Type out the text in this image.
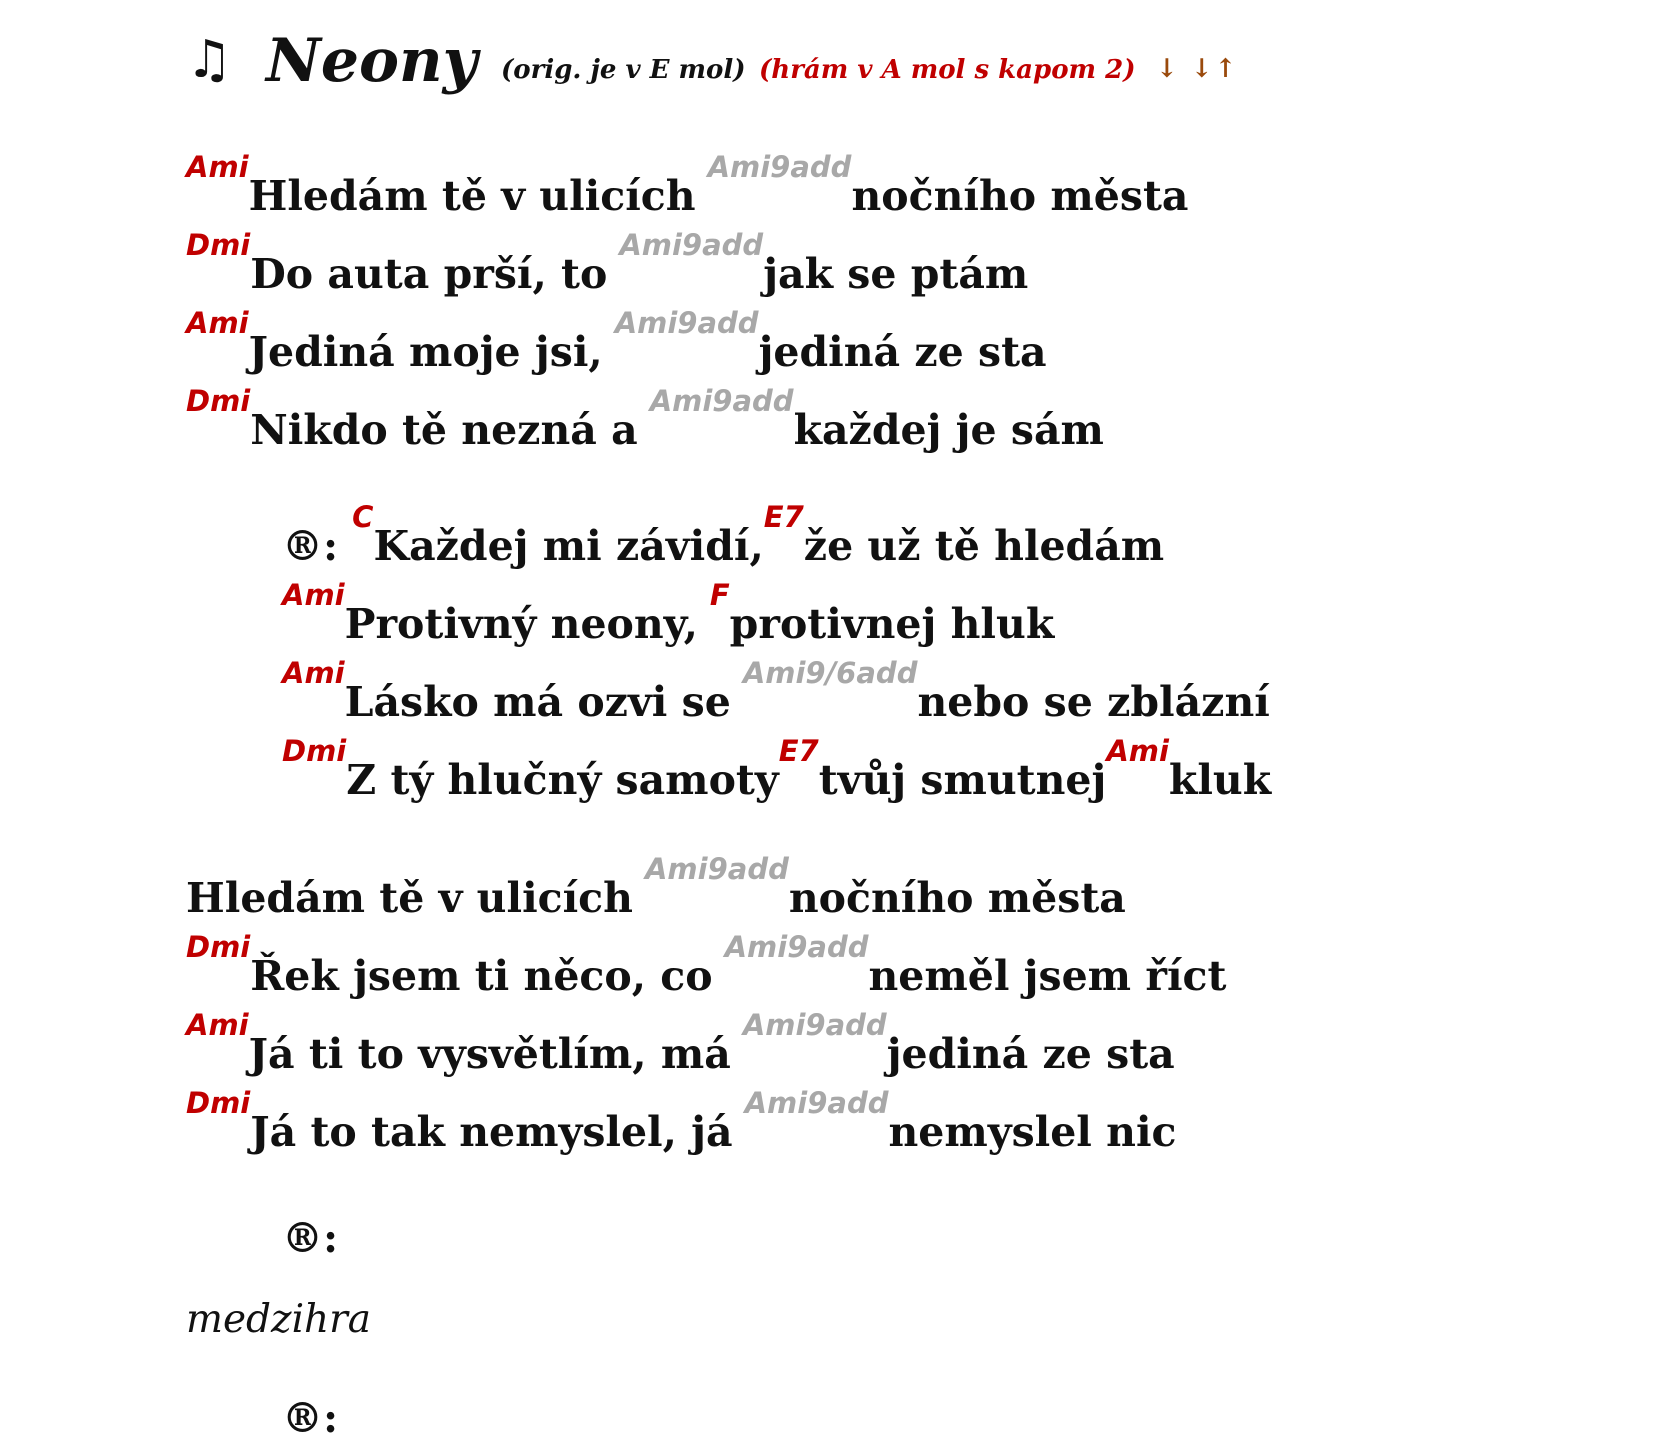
♫ Neony (orig. je v E mol) (hrám v A mol s kapom 2) ↓ ↓↑
AmiHledám tě v ulicíchAmi9addnočního města
DmiDo auta prší, toAmi9addjak se ptám
AmiJediná moje jsi,Ami9addjediná ze sta
DmiNikdo tě nezná aAmi9addkaždej je sám
®:CKaždej mi závidí,E7že už tě hledám
AmiProtivný neony,Fprotivnej hluk
AmiLásko má ozvi seAmi9/6addnebo se zblázní
DmiZ tý hlučný samotyE7tvůj smutnejAmikluk
Hledám tě v ulicíchAmi9addnočního města
DmiŘek jsem ti něco, coAmi9addneměl jsem říct
AmiJá ti to vysvětlím, máAmi9addjediná ze sta
DmiJá to tak nemyslel, jáAmi9addnemyslel nic
®:
medzihra
®:
